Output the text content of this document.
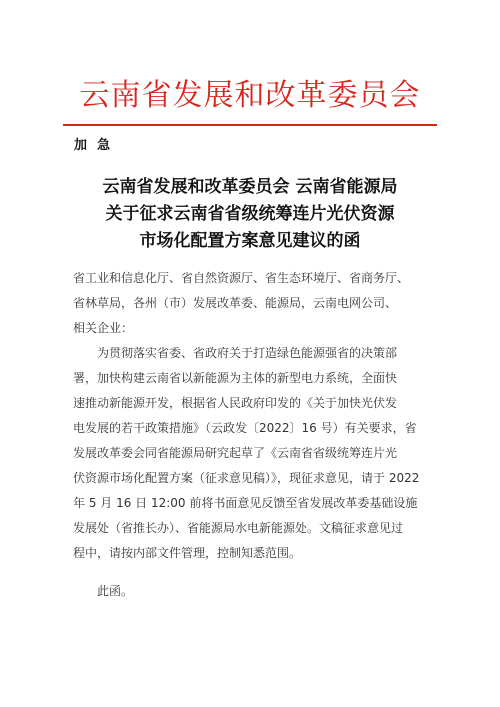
云南省发展和改革委员会
加急
云南省发展和改革委员会 云南省能源局
关于征求云南省省级统筹连片光伏资源
市场化配置方案意见建议的函
省工业和信息化厅、省自然资源厅、省生态环境厅、省商务厅、
省林草局，各州（市）发展改革委、能源局，云南电网公司、
相关企业：
　　为贯彻落实省委、省政府关于打造绿色能源强省的决策部
署，加快构建云南省以新能源为主体的新型电力系统，全面快
速推动新能源开发，根据省人民政府印发的《关于加快光伏发
电发展的若干政策措施》（云政发〔2022〕16 号）有关要求，省
发展改革委会同省能源局研究起草了《云南省省级统筹连片光
伏资源市场化配置方案（征求意见稿）》，现征求意见，请于 2022
年 5 月 16 日 12:00 前将书面意见反馈至省发展改革委基础设施
发展处（省推长办）、省能源局水电新能源处。文稿征求意见过
程中，请按内部文件管理，控制知悉范围。
此函。
